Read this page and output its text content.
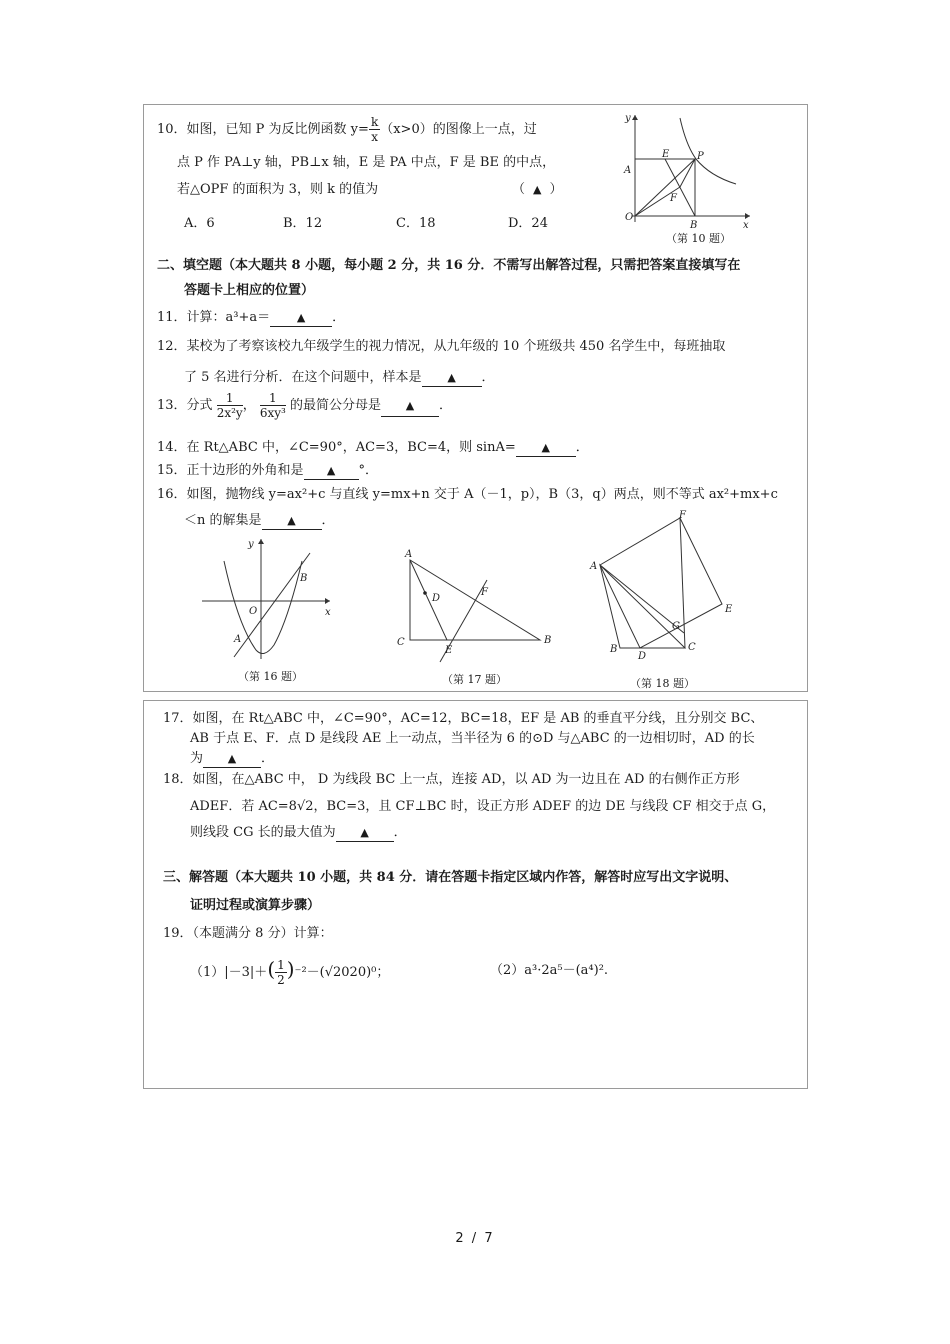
10．如图，已知 P 为反比例函数 $y= \frac{k}{x} (x>0)$的图像上一点，过
点 P 作 PA⊥y 轴，PB⊥x 轴，E 是 PA 中点，F 是 BE 的中点，
若△OPF 的面积为 3，则 k 的值为	（ ▲ ）
A．6	B．12	C．18	D．24
y
x
A
E	P
F
O
B
（第 10 题）
二、填空题（本大题共 8 小题，每小题 2 分，共 16 分．不需写出解答过程，只需把答案直接填写在
答题卡上相应的位置）
11．计算：a³+a＝ ▲ ．
12．某校为了考察该校九年级学生的视力情况，从九年级的 10 个班级共 450 名学生中，每班抽取
了 5 名进行分析．在这个问题中，样本是 ▲ ．
13．分式 $\frac{1}{\text{2x²y}}$ ， $\frac{1}{\text{6xy³}}$ 的最简公分母是 ▲ ．
14．在 Rt△ABC 中，∠C=90°，AC=3，BC=4，则 sinA= ▲ ．
15．正十边形的外角和是 ▲ °．
16．如图，抛物线 y=ax²+c 与直线 y=mx+n 交于 A（－1，p），B（3，q）两点，则不等式 ax²+mx+c
＜n 的解集是 ▲ ．
y
x
O
A
B
（第 16 题）
A
D
F
C
E
B
（第 17 题）
F
A
E
G
B
D
C
（第 18 题）
17．如图，在 Rt△ABC 中，∠C=90°，AC=12，BC=18，EF 是 AB 的垂直平分线，且分别交 BC、
AB 于点 E、F．点 D 是线段 AE 上一动点，当半径为 6 的⊙D 与△ABC 的一边相切时，AD 的长
为 ▲ ．
18．如图，在△ABC 中， D 为线段 BC 上一点，连接 AD，以 AD 为一边且在 AD 的右侧作正方形
ADEF．若 AC=8√2，BC=3，且 CF⊥BC 时，设正方形 ADEF 的边 DE 与线段 CF 相交于点 G，
则线段 CG 长的最大值为 ▲ ．
三、解答题（本大题共 10 小题，共 84 分．请在答题卡指定区域内作答，解答时应写出文字说明、
证明过程或演算步骤）
19．（本题满分 8 分）计算：
$(1)|-3|+( \frac{1}{2} )^{-2}-(√2020)^0$；	（2）a³·2a⁵－(a⁴)².
2 / 7
